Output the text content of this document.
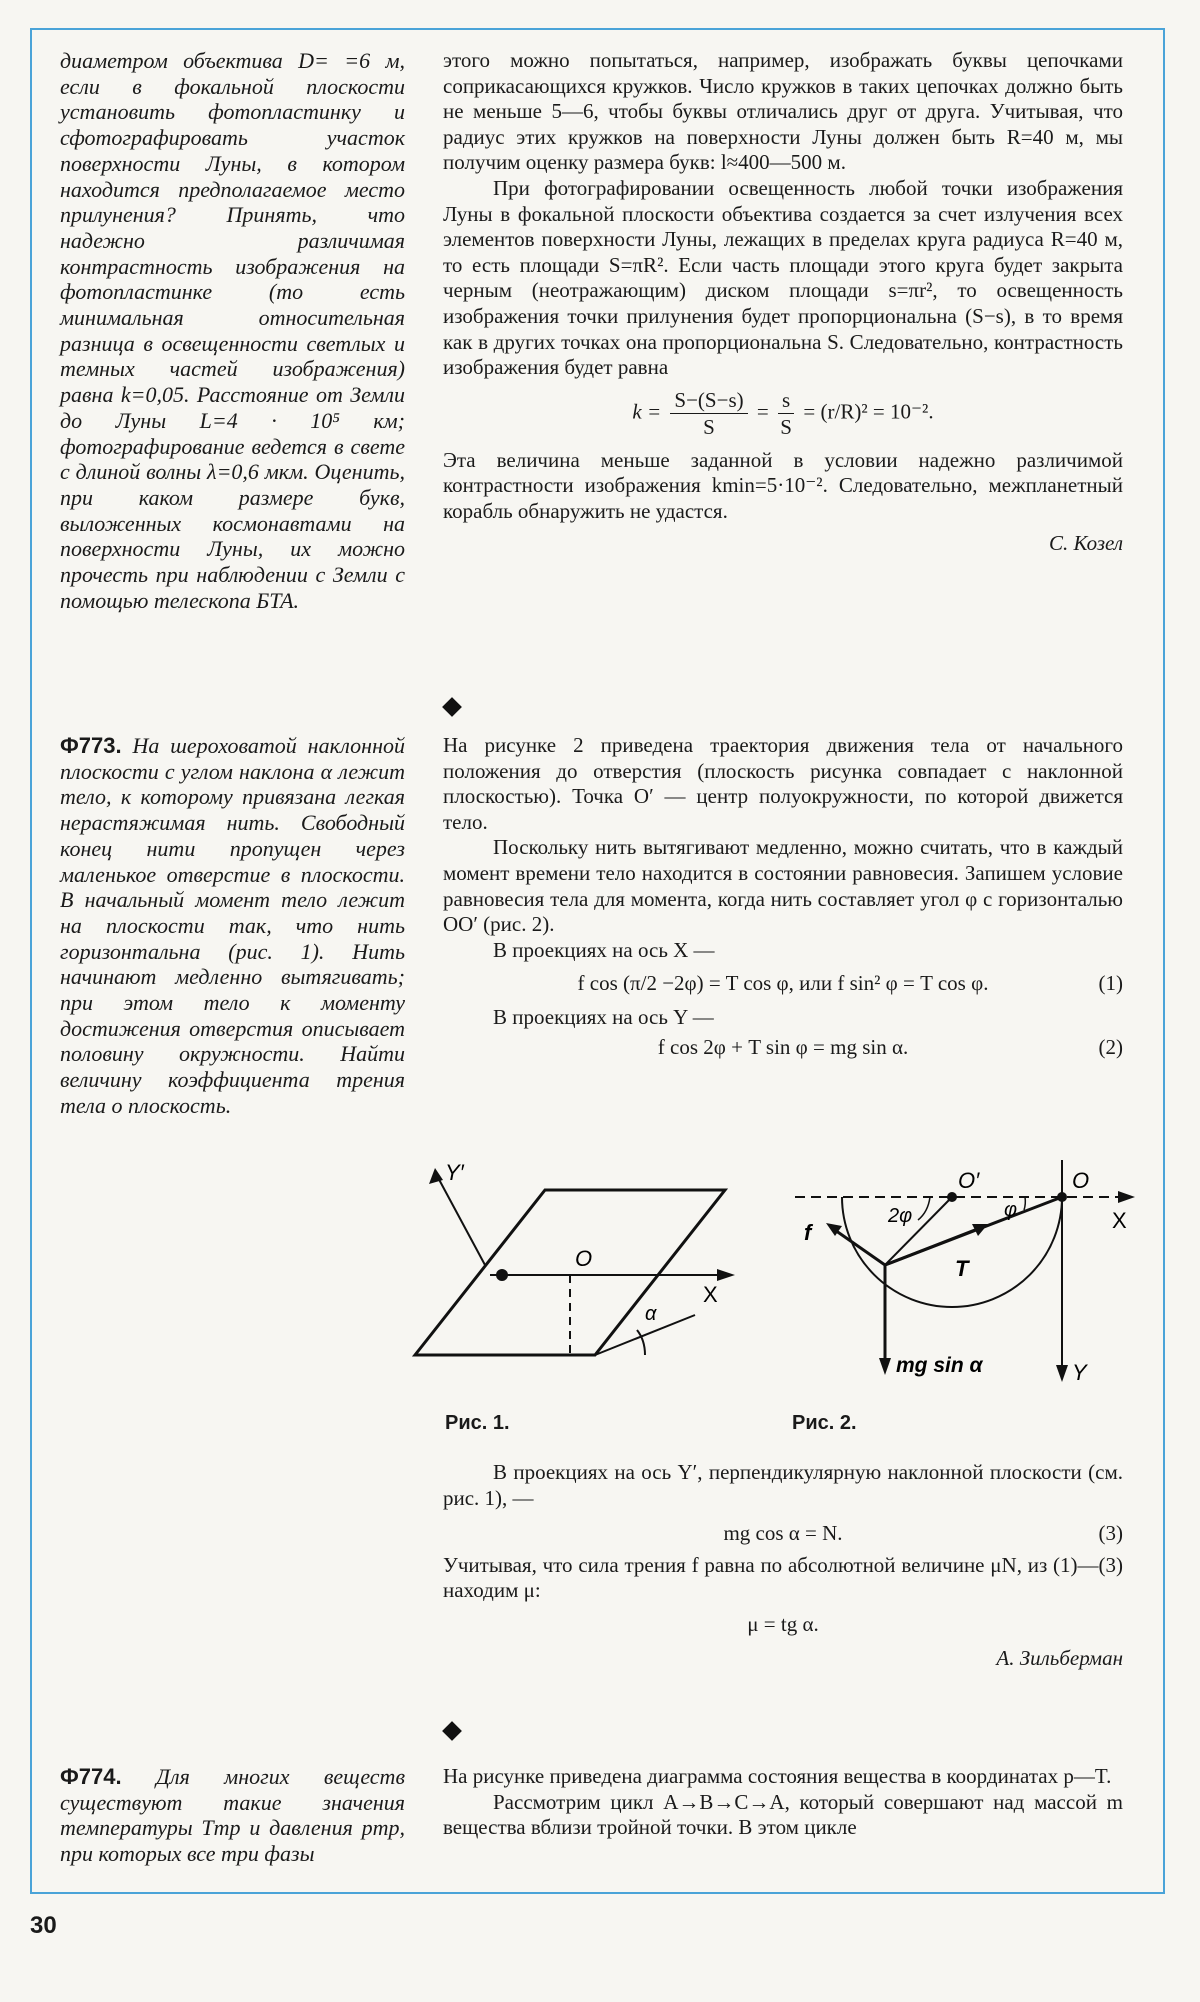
диаметром объектива D= =6 м, если в фокальной плоскости установить фотопластинку и сфотографировать участок поверхности Луны, в котором находится предполагаемое место прилунения? Принять, что надежно различимая контрастность изображения на фотопластинке (то есть минимальная относительная разница в освещенности светлых и темных частей изображения) равна k=0,05. Расстояние от Земли до Луны L=4 · 10⁵ км; фотографирование ведется в свете с длиной волны λ=0,6 мкм. Оценить, при каком размере букв, выложенных космонавтами на поверхности Луны, их можно прочесть при наблюдении с Земли с помощью телескопа БТА.
Ф773. На шероховатой наклонной плоскости с углом наклона α лежит тело, к которому привязана легкая нерастяжимая нить. Свободный конец нити пропущен через маленькое отверстие в плоскости. В начальный момент тело лежит на плоскости так, что нить горизонтальна (рис. 1). Нить начинают медленно вытягивать; при этом тело к моменту достижения отверстия описывает половину окружности. Найти величину коэффициента трения тела о плоскость.
Ф774. Для многих веществ существуют такие значения температуры Tтр и давления pтр, при которых все три фазы

этого можно попытаться, например, изображать буквы цепочками соприкасающихся кружков. Число кружков в таких цепочках должно быть не меньше 5—6, чтобы буквы отличались друг от друга. Учитывая, что радиус этих кружков на поверхности Луны должен быть R=40 м, мы получим оценку размера букв: l≈400—500 м.

При фотографировании освещенность любой точки изображения Луны в фокальной плоскости объектива создается за счет излучения всех элементов поверхности Луны, лежащих в пределах круга радиуса R=40 м, то есть площади S=πR². Если часть площади этого круга будет закрыта черным (неотражающим) диском площади s=πr², то освещенность изображения точки прилунения будет пропорциональна (S−s), в то время как в других точках она пропорциональна S. Следовательно, контрастность изображения будет равна

$k = \frac{S-(S-s)}{S} = \frac{s}{S} = (r/R)^2 = 10^{-2}$.

Эта величина меньше заданной в условии надежно различимой контрастности изображения kmin=5·10⁻². Следовательно, межпланетный корабль обнаружить не удастся.

С. Козел

На рисунке 2 приведена траектория движения тела от начального положения до отверстия (плоскость рисунка совпадает с наклонной плоскостью). Точка O′ — центр полуокружности, по которой движется тело.

Поскольку нить вытягивают медленно, можно считать, что в каждый момент времени тело находится в состоянии равновесия. Запишем условие равновесия тела для момента, когда нить составляет угол φ с горизонталью OO′ (рис. 2).

В проекциях на ось X —

f cos (π/2 −2φ) = T cos φ, или f sin² φ = T cos φ.	(1)

В проекциях на ось Y —

f cos 2φ + T sin φ = mg sin α.	(2)
Y′
O
X
α
O′	O
X
Y
2φ	φ
f
T
mg sin α
Рис. 1.	Рис. 2.

В проекциях на ось Y′, перпендикулярную наклонной плоскости (см. рис. 1), —

mg cos α = N.	(3)

Учитывая, что сила трения f равна по абсолютной величине μN, из (1)—(3) находим μ:

μ = tg α.
А. Зильберман

На рисунке приведена диаграмма состояния вещества в координатах p—T.

Рассмотрим цикл A→B→C→A, который совершают над массой m вещества вблизи тройной точки. В этом цикле

30
